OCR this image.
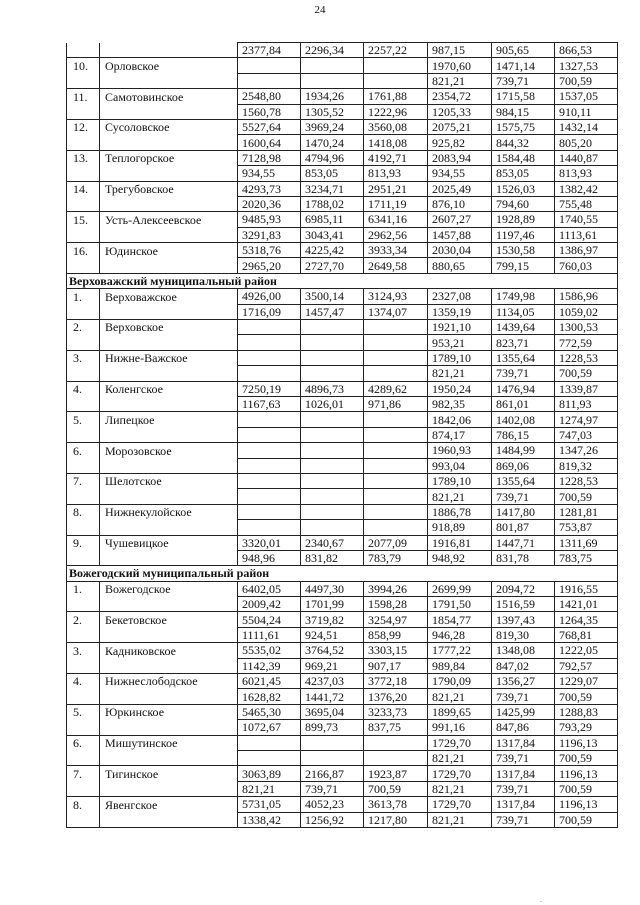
24
		2377,84	2296,34	2257,22	987,15	905,65	866,53
10.	Орловское				1970,60	1471,14	1327,53
					821,21	739,71	700,59
11.	Самотовинское	2548,80	1934,26	1761,88	2354,72	1715,58	1537,05
		1560,78	1305,52	1222,96	1205,33	984,15	910,11
12.	Сусоловское	5527,64	3969,24	3560,08	2075,21	1575,75	1432,14
		1600,64	1470,24	1418,08	925,82	844,32	805,20
13.	Теплогорское	7128,98	4794,96	4192,71	2083,94	1584,48	1440,87
		934,55	853,05	813,93	934,55	853,05	813,93
14.	Трегубовское	4293,73	3234,71	2951,21	2025,49	1526,03	1382,42
		2020,36	1788,02	1711,19	876,10	794,60	755,48
15.	Усть-Алексеевское	9485,93	6985,11	6341,16	2607,27	1928,89	1740,55
		3291,83	3043,41	2962,56	1457,88	1197,46	1113,61
16.	Юдинское	5318,76	4225,42	3933,34	2030,04	1530,58	1386,97
		2965,20	2727,70	2649,58	880,65	799,15	760,03
Верховажский муниципальный район							
1.	Верховажское	4926,00	3500,14	3124,93	2327,08	1749,98	1586,96
		1716,09	1457,47	1374,07	1359,19	1134,05	1059,02
2.	Верховское				1921,10	1439,64	1300,53
					953,21	823,71	772,59
3.	Нижне-Важское				1789,10	1355,64	1228,53
					821,21	739,71	700,59
4.	Коленгское	7250,19	4896,73	4289,62	1950,24	1476,94	1339,87
		1167,63	1026,01	971,86	982,35	861,01	811,93
5.	Липецкое				1842,06	1402,08	1274,97
					874,17	786,15	747,03
6.	Морозовское				1960,93	1484,99	1347,26
					993,04	869,06	819,32
7.	Шелотское				1789,10	1355,64	1228,53
					821,21	739,71	700,59
8.	Нижнекулойское				1886,78	1417,80	1281,81
					918,89	801,87	753,87
9.	Чушевицкое	3320,01	2340,67	2077,09	1916,81	1447,71	1311,69
		948,96	831,82	783,79	948,92	831,78	783,75
Вожегодский муниципальный район							
1.	Вожегодское	6402,05	4497,30	3994,26	2699,99	2094,72	1916,55
		2009,42	1701,99	1598,28	1791,50	1516,59	1421,01
2.	Бекетовское	5504,24	3719,82	3254,97	1854,77	1397,43	1264,35
		1111,61	924,51	858,99	946,28	819,30	768,81
3.	Кадниковское	5535,02	3764,52	3303,15	1777,22	1348,08	1222,05
		1142,39	969,21	907,17	989,84	847,02	792,57
4.	Нижнеслободское	6021,45	4237,03	3772,18	1790,09	1356,27	1229,07
		1628,82	1441,72	1376,20	821,21	739,71	700,59
5.	Юркинское	5465,30	3695,04	3233,73	1899,65	1425,99	1288,83
		1072,67	899,73	837,75	991,16	847,86	793,29
6.	Мишутинское				1729,70	1317,84	1196,13
					821,21	739,71	700,59
7.	Тигинское	3063,89	2166,87	1923,87	1729,70	1317,84	1196,13
		821,21	739,71	700,59	821,21	739,71	700,59
8.	Явенгское	5731,05	4052,23	3613,78	1729,70	1317,84	1196,13
		1338,42	1256,92	1217,80	821,21	739,71	700,59
.
